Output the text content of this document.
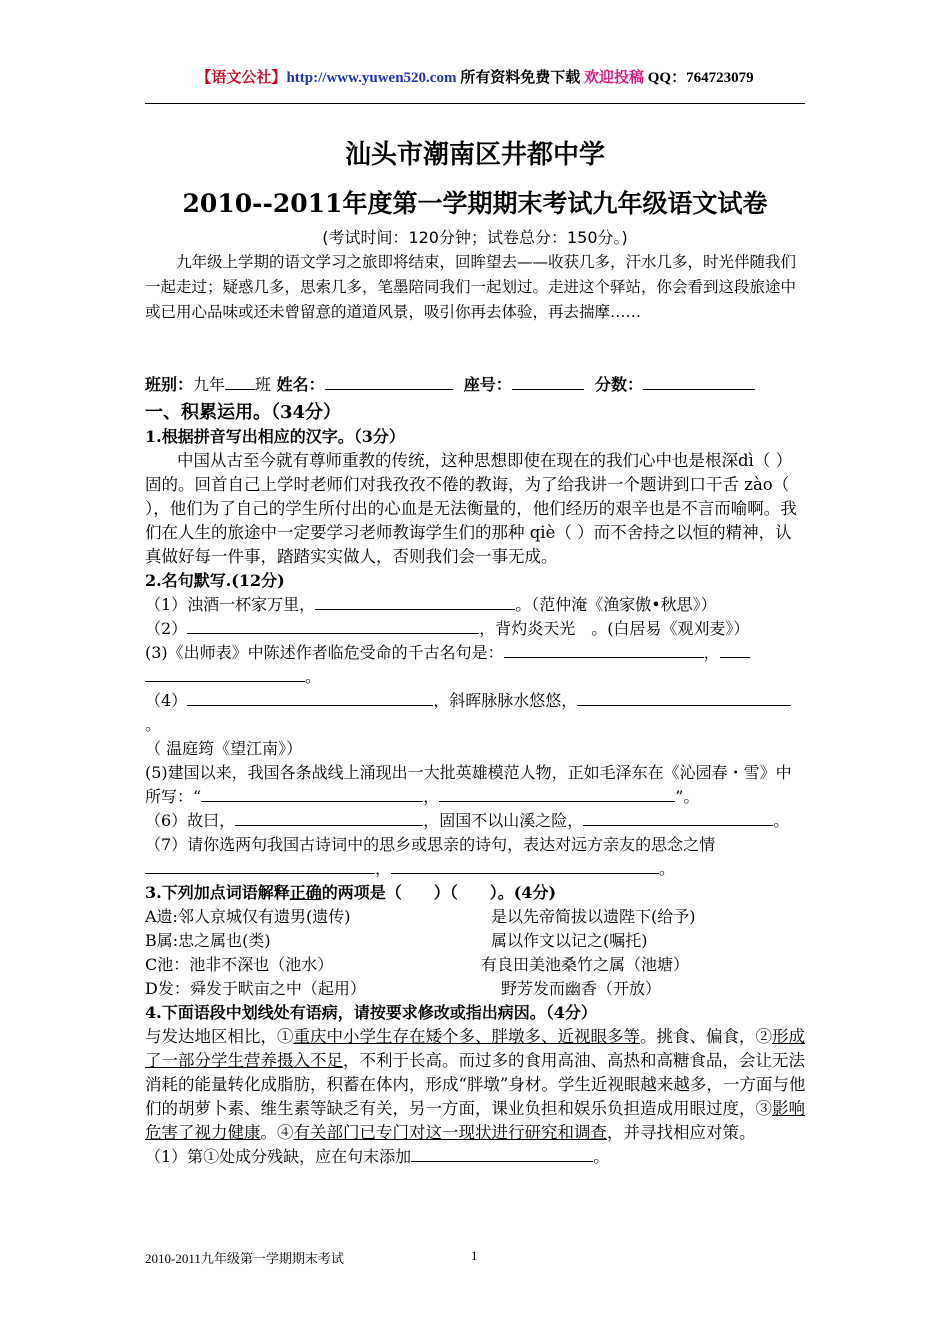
【语文公社】http://www.yuwen520.com 所有资料免费下载 欢迎投稿 QQ：764723079
汕头市潮南区井都中学
2010--2011年度第一学期期末考试九年级语文试卷
(考试时间：120分钟；试卷总分：150分。)
九年级上学期的语文学习之旅即将结束，回眸望去——收获几多，汗水几多，时光伴随我们一起走过；疑惑几多，思索几多，笔墨陪同我们一起划过。走进这个驿站，你会看到这段旅途中或已用心品味或还未曾留意的道道风景，吸引你再去体验，再去揣摩……

班别：九年 班 姓名：	座号：	分数：

一、积累运用。（34分）

1.根据拼音写出相应的汉字。（3分）

中国从古至今就有尊师重教的传统，这种思想即使在现在的我们心中也是根深dì（ ）固的。回首自己上学时老师们对我孜孜不倦的教诲，为了给我讲一个题讲到口干舌 zào（ ），他们为了自己的学生所付出的心血是无法衡量的，他们经历的艰辛也是不言而喻啊。我们在人生的旅途中一定要学习老师教诲学生们的那种 qiè（ ）而不舍持之以恒的精神，认真做好每一件事，踏踏实实做人，否则我们会一事无成。

2.名句默写.(12分)

（1）浊酒一杯家万里，	。（范仲淹《渔家傲•秋思》）

（2）	，背灼炎天光　。(白居易《观刈麦》）

(3)《出师表》中陈述作者临危受命的千古名句是：	，

。

（4）	，斜晖脉脉水悠悠，。

（ 温庭筠《望江南》）

(5)建国以来，我国各条战线上涌现出一大批英雄模范人物，正如毛泽东在《沁园春・雪》中所写：“	，	”。

（6）故曰，	，固国不以山溪之险，	。

（7）请你选两句我国古诗词中的思乡或思亲的诗句，表达对远方亲友的思念之情

，	。

3.下列加点词语解释正确的两项是（　　）（　　）。(4分)

A遗:邻人京城仅有遗男(遗传)	是以先帝简拔以遗陛下(给予)
B属:忠之属也(类)	属以作文以记之(嘱托)
C池：池非不深也（池水）	有良田美池桑竹之属（池塘）
D发：舜发于畎亩之中（起用）	野芳发而幽香（开放）

4.下面语段中划线处有语病，请按要求修改或指出病因。（4分）

与发达地区相比，①重庆中小学生存在矮个多、胖墩多、近视眼多等。挑食、偏食，②形成了一部分学生营养摄入不足，不利于长高。而过多的食用高油、高热和高糖食品，会让无法消耗的能量转化成脂肪，积蓄在体内，形成“胖墩”身材。学生近视眼越来越多，一方面与他们的胡萝卜素、维生素等缺乏有关，另一方面，课业负担和娱乐负担造成用眼过度，③影响危害了视力健康。④有关部门已专门对这一现状进行研究和调查，并寻找相应对策。

（1）第①处成分残缺，应在句末添加	。

2010-2011九年级第一学期期末考试	1
